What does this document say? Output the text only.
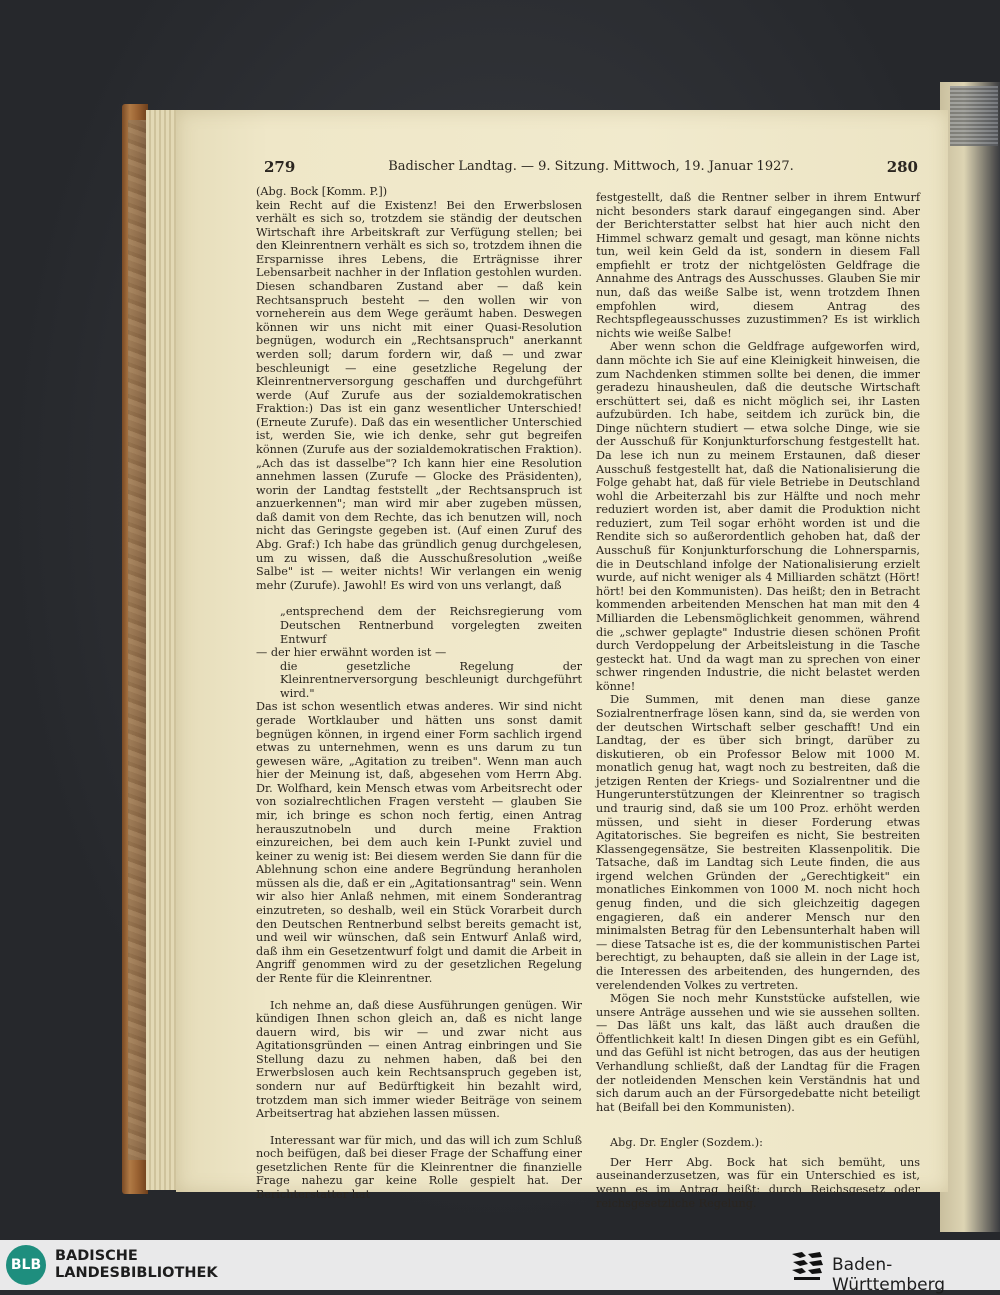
279	Badischer Landtag. — 9. Sitzung. Mittwoch, 19. Januar 1927.	280

(Abg. Bock [Komm. P.])

kein Recht auf die Existenz! Bei den Erwerbslosen verhält es sich so, trotzdem sie ständig der deutschen Wirtschaft ihre Arbeitskraft zur Verfügung stellen; bei den Kleinrentnern verhält es sich so, trotzdem ihnen die Ersparnisse ihres Lebens, die Erträgnisse ihrer Lebensarbeit nachher in der Inflation gestohlen wurden. Diesen schandbaren Zustand aber — daß kein Rechtsanspruch besteht — den wollen wir von vorneherein aus dem Wege geräumt haben. Deswegen können wir uns nicht mit einer Quasi-Resolution begnügen, wodurch ein „Rechtsanspruch" anerkannt werden soll; darum fordern wir, daß — und zwar beschleunigt — eine gesetzliche Regelung der Kleinrentnerversorgung geschaffen und durchgeführt werde (Auf Zurufe aus der sozialdemokratischen Fraktion:) Das ist ein ganz wesentlicher Unterschied! (Erneute Zurufe). Daß das ein wesentlicher Unterschied ist, werden Sie, wie ich denke, sehr gut begreifen können (Zurufe aus der sozialdemokratischen Fraktion). „Ach das ist dasselbe"? Ich kann hier eine Resolution annehmen lassen (Zurufe — Glocke des Präsidenten), worin der Landtag feststellt „der Rechtsanspruch ist anzuerkennen"; man wird mir aber zugeben müssen, daß damit von dem Rechte, das ich benutzen will, noch nicht das Geringste gegeben ist. (Auf einen Zuruf des Abg. Graf:) Ich habe das gründlich genug durchgelesen, um zu wissen, daß die Ausschußresolution „weiße Salbe" ist — weiter nichts! Wir verlangen ein wenig mehr (Zurufe). Jawohl! Es wird von uns verlangt, daß

„entsprechend dem der Reichsregierung vom Deutschen Rentnerbund vorgelegten zweiten Entwurf

— der hier erwähnt worden ist —

die gesetzliche Regelung der Kleinrentnerversorgung beschleunigt durchgeführt wird."

Das ist schon wesentlich etwas anderes. Wir sind nicht gerade Wortklauber und hätten uns sonst damit begnügen können, in irgend einer Form sachlich irgend etwas zu unternehmen, wenn es uns darum zu tun gewesen wäre, „Agitation zu treiben". Wenn man auch hier der Meinung ist, daß, abgesehen vom Herrn Abg. Dr. Wolfhard, kein Mensch etwas vom Arbeitsrecht oder von sozialrechtlichen Fragen versteht — glauben Sie mir, ich bringe es schon noch fertig, einen Antrag herauszutnobeln und durch meine Fraktion einzureichen, bei dem auch kein I-Punkt zuviel und keiner zu wenig ist: Bei diesem werden Sie dann für die Ablehnung schon eine andere Begründung heranholen müssen als die, daß er ein „Agitationsantrag" sein. Wenn wir also hier Anlaß nehmen, mit einem Sonderantrag einzutreten, so deshalb, weil ein Stück Vorarbeit durch den Deutschen Rentnerbund selbst bereits gemacht ist, und weil wir wünschen, daß sein Entwurf Anlaß wird, daß ihm ein Gesetzentwurf folgt und damit die Arbeit in Angriff genommen wird zu der gesetzlichen Regelung der Rente für die Kleinrentner.

Ich nehme an, daß diese Ausführungen genügen. Wir kündigen Ihnen schon gleich an, daß es nicht lange dauern wird, bis wir — und zwar nicht aus Agitationsgründen — einen Antrag einbringen und Sie Stellung dazu zu nehmen haben, daß bei den Erwerbslosen auch kein Rechtsanspruch gegeben ist, sondern nur auf Bedürftigkeit hin bezahlt wird, trotzdem man sich immer wieder Beiträge von seinem Arbeitsertrag hat abziehen lassen müssen.

Interessant war für mich, und das will ich zum Schluß noch beifügen, daß bei dieser Frage der Schaffung einer gesetzlichen Rente für die Kleinrentner die finanzielle Frage nahezu gar keine Rolle gespielt hat. Der Berichterstatter hat

festgestellt, daß die Rentner selber in ihrem Entwurf nicht besonders stark darauf eingegangen sind. Aber der Berichterstatter selbst hat hier auch nicht den Himmel schwarz gemalt und gesagt, man könne nichts tun, weil kein Geld da ist, sondern in diesem Fall empfiehlt er trotz der nichtgelösten Geldfrage die Annahme des Antrags des Ausschusses. Glauben Sie mir nun, daß das weiße Salbe ist, wenn trotzdem Ihnen empfohlen wird, diesem Antrag des Rechtspflegeausschusses zuzustimmen? Es ist wirklich nichts wie weiße Salbe!

Aber wenn schon die Geldfrage aufgeworfen wird, dann möchte ich Sie auf eine Kleinigkeit hinweisen, die zum Nachdenken stimmen sollte bei denen, die immer geradezu hinausheulen, daß die deutsche Wirtschaft erschüttert sei, daß es nicht möglich sei, ihr Lasten aufzubürden. Ich habe, seitdem ich zurück bin, die Dinge nüchtern studiert — etwa solche Dinge, wie sie der Ausschuß für Konjunkturforschung festgestellt hat. Da lese ich nun zu meinem Erstaunen, daß dieser Ausschuß festgestellt hat, daß die Nationalisierung die Folge gehabt hat, daß für viele Betriebe in Deutschland wohl die Arbeiterzahl bis zur Hälfte und noch mehr reduziert worden ist, aber damit die Produktion nicht reduziert, zum Teil sogar erhöht worden ist und die Rendite sich so außerordentlich gehoben hat, daß der Ausschuß für Konjunkturforschung die Lohnersparnis, die in Deutschland infolge der Nationalisierung erzielt wurde, auf nicht weniger als 4 Milliarden schätzt (Hört! hört! bei den Kommunisten). Das heißt; den in Betracht kommenden arbeitenden Menschen hat man mit den 4 Milliarden die Lebensmöglichkeit genommen, während die „schwer geplagte" Industrie diesen schönen Profit durch Verdoppelung der Arbeitsleistung in die Tasche gesteckt hat. Und da wagt man zu sprechen von einer schwer ringenden Industrie, die nicht belastet werden könne!

Die Summen, mit denen man diese ganze Sozialrentnerfrage lösen kann, sind da, sie werden von der deutschen Wirtschaft selber geschafft! Und ein Landtag, der es über sich bringt, darüber zu diskutieren, ob ein Professor Below mit 1000 M. monatlich genug hat, wagt noch zu bestreiten, daß die jetzigen Renten der Kriegs- und Sozialrentner und die Hungerunterstützungen der Kleinrentner so tragisch und traurig sind, daß sie um 100 Proz. erhöht werden müssen, und sieht in dieser Forderung etwas Agitatorisches. Sie begreifen es nicht, Sie bestreiten Klassengegensätze, Sie bestreiten Klassenpolitik. Die Tatsache, daß im Landtag sich Leute finden, die aus irgend welchen Gründen der „Gerechtigkeit" ein monatliches Einkommen von 1000 M. noch nicht hoch genug finden, und die sich gleichzeitig dagegen engagieren, daß ein anderer Mensch nur den minimalsten Betrag für den Lebensunterhalt haben will — diese Tatsache ist es, die der kommunistischen Partei berechtigt, zu behaupten, daß sie allein in der Lage ist, die Interessen des arbeitenden, des hungernden, des verelendenden Volkes zu vertreten.

Mögen Sie noch mehr Kunststücke aufstellen, wie unsere Anträge aussehen und wie sie aussehen sollten. — Das läßt uns kalt, das läßt auch draußen die Öffentlichkeit kalt! In diesen Dingen gibt es ein Gefühl, und das Gefühl ist nicht betrogen, das aus der heutigen Verhandlung schließt, daß der Landtag für die Fragen der notleidenden Menschen kein Verständnis hat und sich darum auch an der Fürsorgedebatte nicht beteiligt hat (Beifall bei den Kommunisten).

Abg. Dr. Engler (Sozdem.):

Der Herr Abg. Bock hat sich bemüht, uns auseinanderzusetzen, was für ein Unterschied es ist, wenn es im Antrag heißt: durch Reichsgesetz oder reichsgesetzliche Regelung.

BLB
BADISCHE
LANDESBIBLIOTHEK	Baden-Württemberg
